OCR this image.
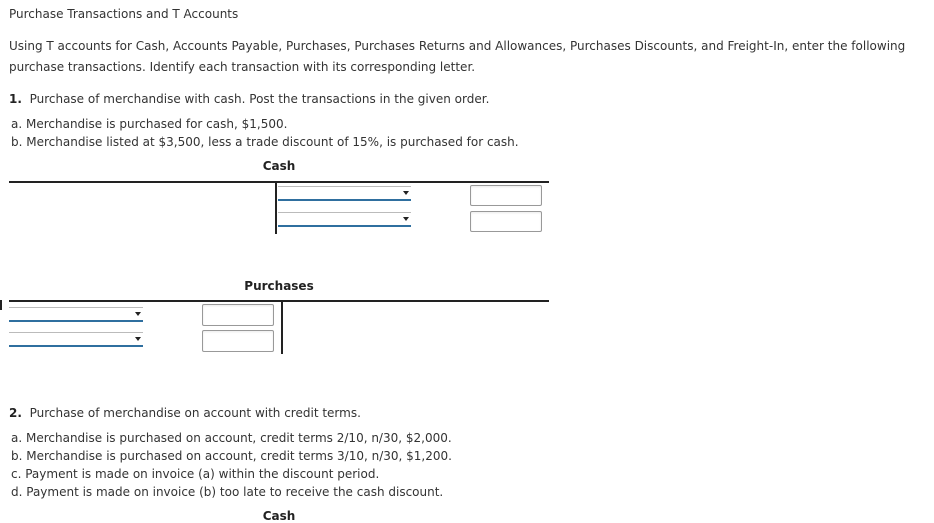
Purchase Transactions and T Accounts
Using T accounts for Cash, Accounts Payable, Purchases, Purchases Returns and Allowances, Purchases Discounts, and Freight-In, enter the following purchase transactions. Identify each transaction with its corresponding letter.
1. Purchase of merchandise with cash. Post the transactions in the given order.
a. Merchandise is purchased for cash, $1,500.
b. Merchandise listed at $3,500, less a trade discount of 15%, is purchased for cash.
Cash
Purchases
2. Purchase of merchandise on account with credit terms.
a. Merchandise is purchased on account, credit terms 2/10, n/30, $2,000.
b. Merchandise is purchased on account, credit terms 3/10, n/30, $1,200.
c. Payment is made on invoice (a) within the discount period.
d. Payment is made on invoice (b) too late to receive the cash discount.
Cash
